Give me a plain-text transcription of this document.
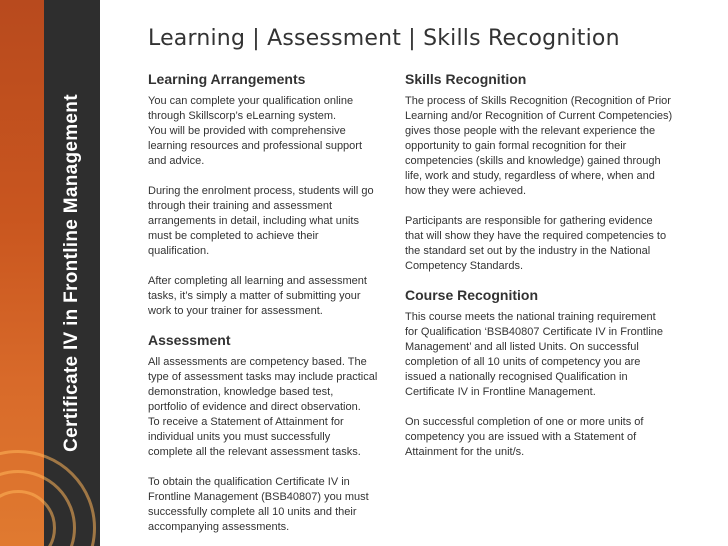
Certificate IV in Frontline Management
Learning | Assessment | Skills Recognition
Learning Arrangements

You can complete your qualification online
through Skillscorp’s eLearning system.
You will be provided with comprehensive
learning resources and professional support
and advice.

During the enrolment process, students will go
through their training and assessment
arrangements in detail, including what units
must be completed to achieve their
qualification.

After completing all learning and assessment
tasks, it’s simply a matter of submitting your
work to your trainer for assessment.

Assessment

All assessments are competency based. The
type of assessment tasks may include practical
demonstration, knowledge based test,
portfolio of evidence and direct observation.
To receive a Statement of Attainment for
individual units you must successfully
complete all the relevant assessment tasks.

To obtain the qualification Certificate IV in
Frontline Management (BSB40807) you must
successfully complete all 10 units and their
accompanying assessments.

Skills Recognition

The process of Skills Recognition (Recognition of Prior
Learning and/or Recognition of Current Competencies)
gives those people with the relevant experience the
opportunity to gain formal recognition for their
competencies (skills and knowledge) gained through
life, work and study, regardless of where, when and
how they were achieved.

Participants are responsible for gathering evidence
that will show they have the required competencies to
the standard set out by the industry in the National
Competency Standards.

Course Recognition

This course meets the national training requirement
for Qualification ‘BSB40807 Certificate IV in Frontline
Management’ and all listed Units. On successful
completion of all 10 units of competency you are
issued a nationally recognised Qualification in
Certificate IV in Frontline Management.

On successful completion of one or more units of
competency you are issued with a Statement of
Attainment for the unit/s.
